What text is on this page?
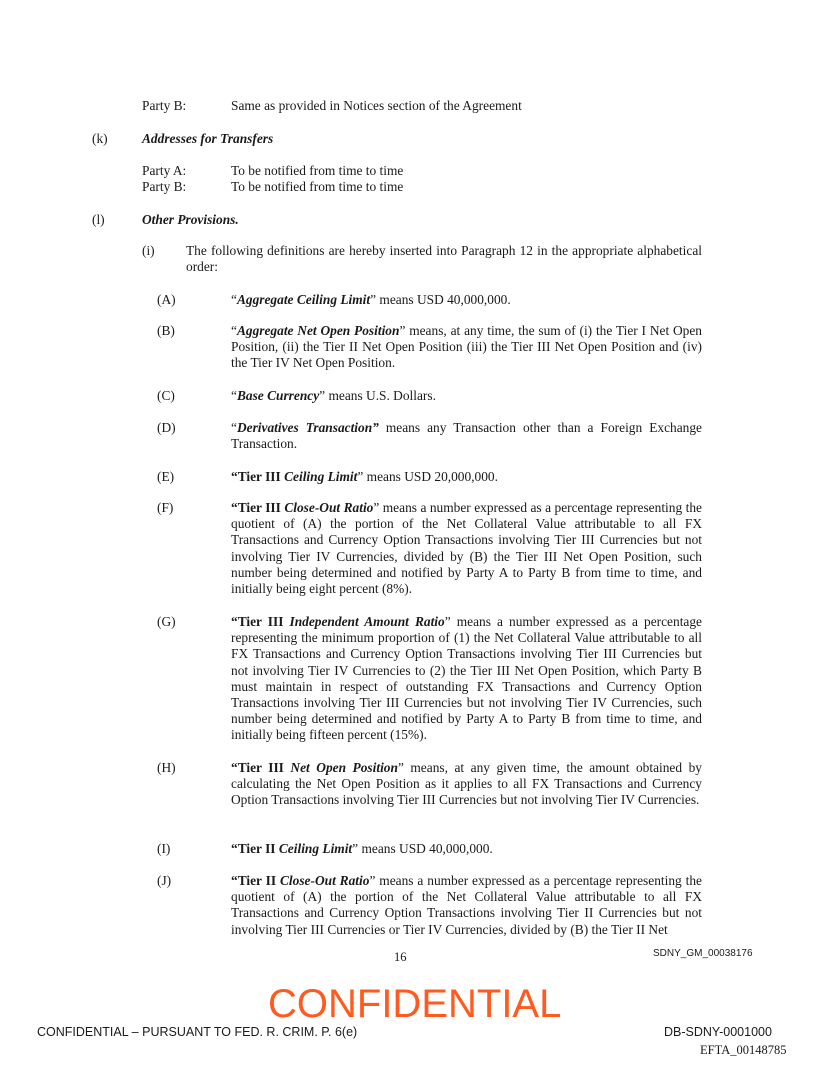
Party B:	Same as provided in Notices section of the Agreement
(k)	Addresses for Transfers
Party A:	To be notified from time to time
Party B:	To be notified from time to time
(l)	Other Provisions.
(i) The following definitions are hereby inserted into Paragraph 12 in the appropriate alphabetical order:
(A)	“Aggregate Ceiling Limit” means USD 40,000,000.
(B)	“Aggregate Net Open Position” means, at any time, the sum of (i) the Tier I Net Open Position, (ii) the Tier II Net Open Position (iii) the Tier III Net Open Position and (iv) the Tier IV Net Open Position.
(C)	“Base Currency” means U.S. Dollars.
(D)	“Derivatives Transaction” means any Transaction other than a Foreign Exchange Transaction.
(E)	“Tier III Ceiling Limit” means USD 20,000,000.
(F)	“Tier III Close-Out Ratio” means a number expressed as a percentage representing the quotient of (A) the portion of the Net Collateral Value attributable to all FX Transactions and Currency Option Transactions involving Tier III Currencies but not involving Tier IV Currencies, divided by (B) the Tier III Net Open Position, such number being determined and notified by Party A to Party B from time to time, and initially being eight percent (8%).
(G)	“Tier III Independent Amount Ratio” means a number expressed as a percentage representing the minimum proportion of (1) the Net Collateral Value attributable to all FX Transactions and Currency Option Transactions involving Tier III Currencies but not involving Tier IV Currencies to (2) the Tier III Net Open Position, which Party B must maintain in respect of outstanding FX Transactions and Currency Option Transactions involving Tier III Currencies but not involving Tier IV Currencies, such number being determined and notified by Party A to Party B from time to time, and initially being fifteen percent (15%).
(H)	“Tier III Net Open Position” means, at any given time, the amount obtained by calculating the Net Open Position as it applies to all FX Transactions and Currency Option Transactions involving Tier III Currencies but not involving Tier IV Currencies.
(I)	“Tier II Ceiling Limit” means USD 40,000,000.
(J)	“Tier II Close-Out Ratio” means a number expressed as a percentage representing the quotient of (A) the portion of the Net Collateral Value attributable to all FX Transactions and Currency Option Transactions involving Tier II Currencies but not involving Tier III Currencies or Tier IV Currencies, divided by (B) the Tier II Net
16	SDNY_GM_00038176
CONFIDENTIAL
CONFIDENTIAL – PURSUANT TO FED. R. CRIM. P. 6(e)	DB-SDNY-0001000
EFTA_00148785
